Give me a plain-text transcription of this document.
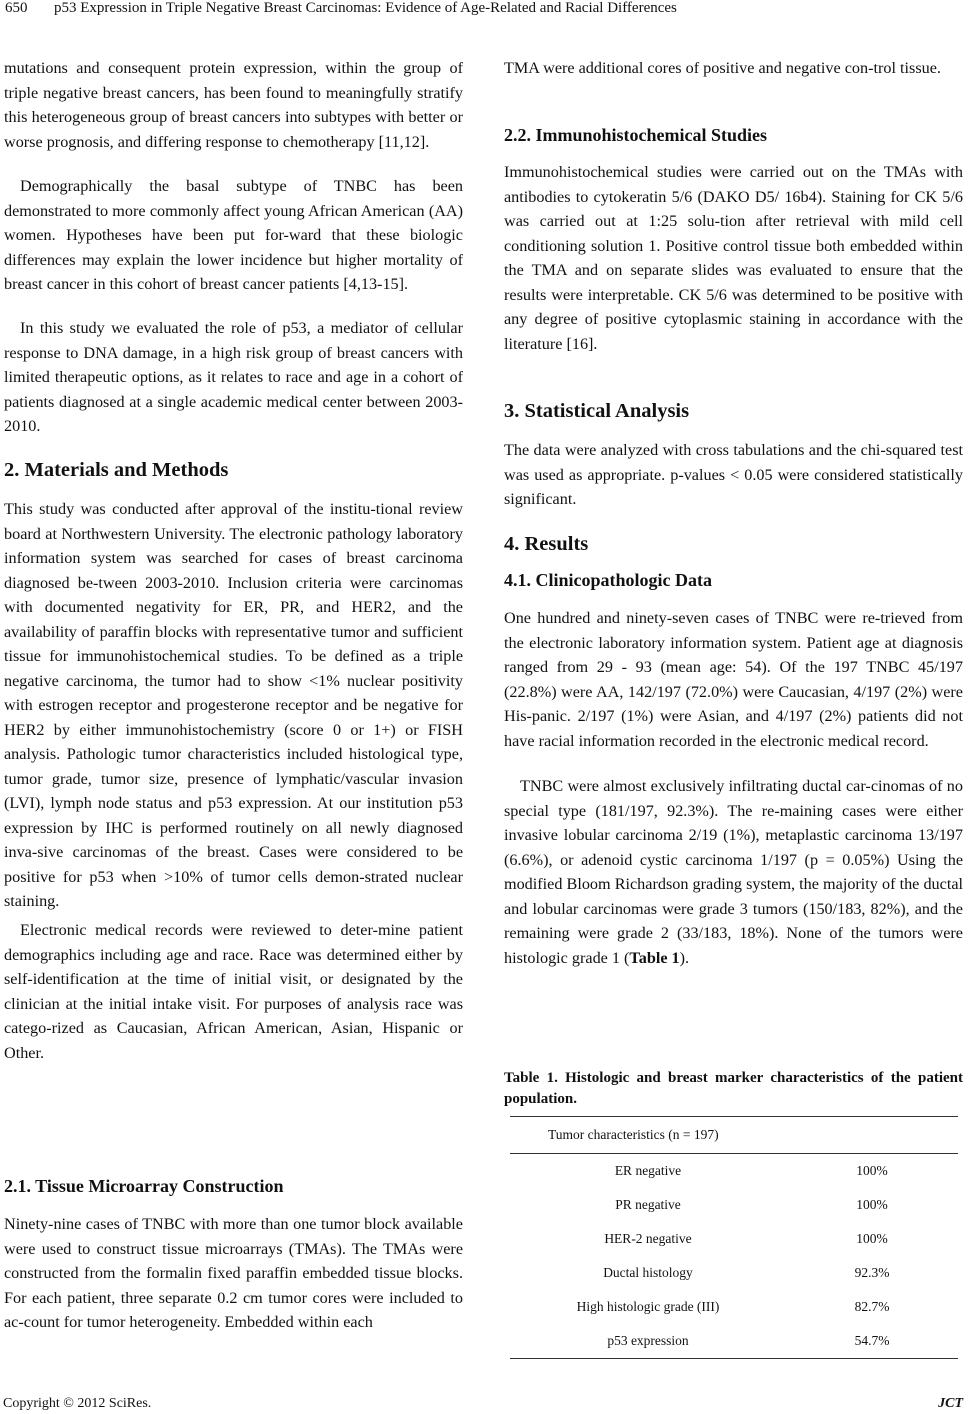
650 p53 Expression in Triple Negative Breast Carcinomas: Evidence of Age-Related and Racial Differences

mutations and consequent protein expression, within the group of triple negative breast cancers, has been found to meaningfully stratify this heterogeneous group of breast cancers into subtypes with better or worse prognosis, and differing response to chemotherapy [11,12].

Demographically the basal subtype of TNBC has been demonstrated to more commonly affect young African American (AA) women. Hypotheses have been put for-ward that these biologic differences may explain the lower incidence but higher mortality of breast cancer in this cohort of breast cancer patients [4,13-15].

In this study we evaluated the role of p53, a mediator of cellular response to DNA damage, in a high risk group of breast cancers with limited therapeutic options, as it relates to race and age in a cohort of patients diagnosed at a single academic medical center between 2003-2010.

2. Materials and Methods

This study was conducted after approval of the institu-tional review board at Northwestern University. The electronic pathology laboratory information system was searched for cases of breast carcinoma diagnosed be-tween 2003-2010. Inclusion criteria were carcinomas with documented negativity for ER, PR, and HER2, and the availability of paraffin blocks with representative tumor and sufficient tissue for immunohistochemical studies. To be defined as a triple negative carcinoma, the tumor had to show <1% nuclear positivity with estrogen receptor and progesterone receptor and be negative for HER2 by either immunohistochemistry (score 0 or 1+) or FISH analysis. Pathologic tumor characteristics included histological type, tumor grade, tumor size, presence of lymphatic/vascular invasion (LVI), lymph node status and p53 expression. At our institution p53 expression by IHC is performed routinely on all newly diagnosed inva-sive carcinomas of the breast. Cases were considered to be positive for p53 when >10% of tumor cells demon-strated nuclear staining.

Electronic medical records were reviewed to deter-mine patient demographics including age and race. Race was determined either by self-identification at the time of initial visit, or designated by the clinician at the initial intake visit. For purposes of analysis race was catego-rized as Caucasian, African American, Asian, Hispanic or Other.

2.1. Tissue Microarray Construction

Ninety-nine cases of TNBC with more than one tumor block available were used to construct tissue microarrays (TMAs). The TMAs were constructed from the formalin fixed paraffin embedded tissue blocks. For each patient, three separate 0.2 cm tumor cores were included to ac-count for tumor heterogeneity. Embedded within each

TMA were additional cores of positive and negative con-trol tissue.

2.2. Immunohistochemical Studies

Immunohistochemical studies were carried out on the TMAs with antibodies to cytokeratin 5/6 (DAKO D5/ 16b4). Staining for CK 5/6 was carried out at 1:25 solu-tion after retrieval with mild cell conditioning solution 1. Positive control tissue both embedded within the TMA and on separate slides was evaluated to ensure that the results were interpretable. CK 5/6 was determined to be positive with any degree of positive cytoplasmic staining in accordance with the literature [16].

3. Statistical Analysis

The data were analyzed with cross tabulations and the chi-squared test was used as appropriate. p-values < 0.05 were considered statistically significant.

4. Results
4.1. Clinicopathologic Data

One hundred and ninety-seven cases of TNBC were re-trieved from the electronic laboratory information system. Patient age at diagnosis ranged from 29 - 93 (mean age: 54). Of the 197 TNBC 45/197 (22.8%) were AA, 142/197 (72.0%) were Caucasian, 4/197 (2%) were His-panic. 2/197 (1%) were Asian, and 4/197 (2%) patients did not have racial information recorded in the electronic medical record.

TNBC were almost exclusively infiltrating ductal car-cinomas of no special type (181/197, 92.3%). The re-maining cases were either invasive lobular carcinoma 2/19 (1%), metaplastic carcinoma 13/197 (6.6%), or adenoid cystic carcinoma 1/197 (p = 0.05%) Using the modified Bloom Richardson grading system, the majority of the ductal and lobular carcinomas were grade 3 tumors (150/183, 82%), and the remaining were grade 2 (33/183, 18%). None of the tumors were histologic grade 1 (Table 1).

Table 1. Histologic and breast marker characteristics of the patient population.

Tumor characteristics (n = 197)	
ER negative	100%
PR negative	100%
HER-2 negative	100%
Ductal histology	92.3%
High histologic grade (III)	82.7%
p53 expression	54.7%
Copyright © 2012 SciRes.	JCT
